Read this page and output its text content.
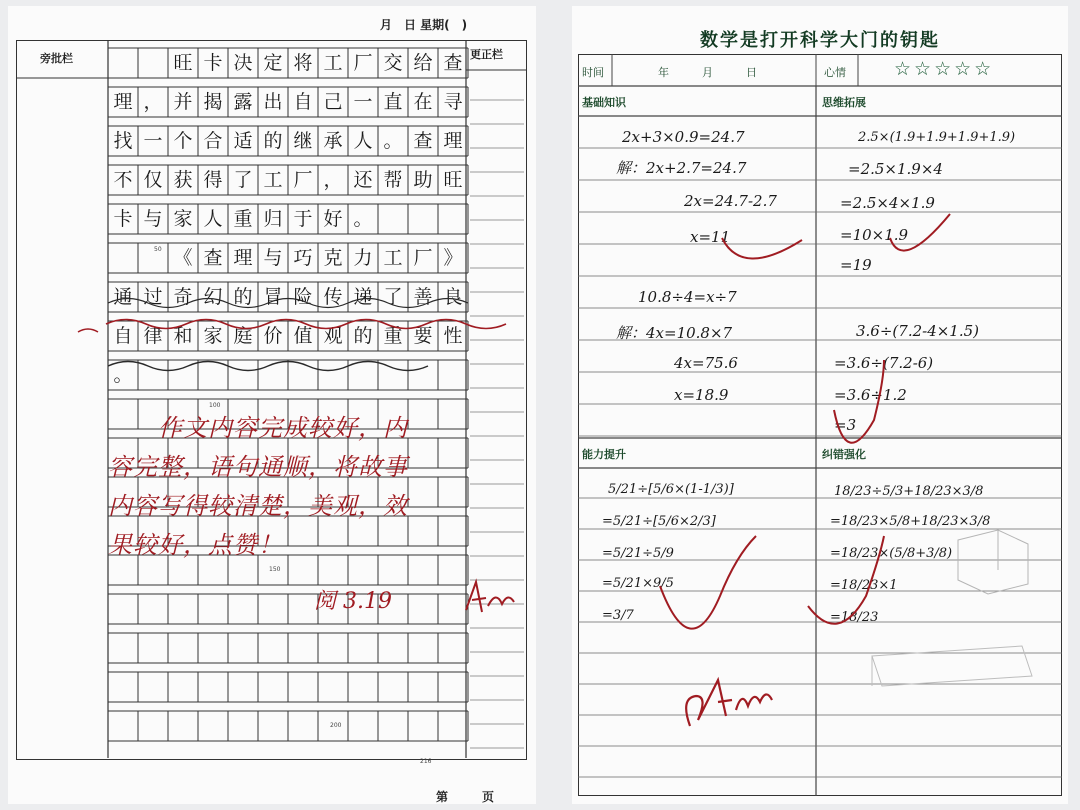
月　日 星期(　)
旁批栏	更正栏
旺 卡 决 定 将 工 厂 交 给 查
理 ， 并 揭 露 出 自 己 一 直 在 寻
找 一 个 合 适 的 继 承 人 。 查 理
不 仅 获 得 了 工 厂 ， 还 帮 助 旺
卡 与 家 人 重 归 于 好 。
《 查 理 与 巧 克 力 工 厂 》
通 过 奇 幻 的 冒 险 传 递 了 善 良
自 律 和 家 庭 价 值 观 的 重 要 性
。
50
100
150
200
216
作文内容完成较好，内
容完整，语句通顺，将故事
内容写得较清楚，美观，效
果较好，点赞！
阅 3.19
第	页
数学是打开科学大门的钥匙
时间	年　　　月　　　日	心情	☆☆☆☆☆
基础知识	思维拓展
能力提升	纠错强化
2x+3×0.9=24.7
解：2x+2.7=24.7
2x=24.7-2.7
x=11
10.8÷4=x÷7
解：4x=10.8×7
4x=75.6
x=18.9
2.5×(1.9+1.9+1.9+1.9)
=2.5×1.9×4
=2.5×4×1.9
=10×1.9
=19
3.6÷(7.2-4×1.5)
=3.6÷(7.2-6)
=3.6÷1.2
=3
5/21÷[5/6×(1-1/3)]
=5/21÷[5/6×2/3]
=5/21÷5/9
=5/21×9/5
=3/7
18/23÷5/3+18/23×3/8
=18/23×5/8+18/23×3/8
=18/23×(5/8+3/8)
=18/23×1
=18/23
